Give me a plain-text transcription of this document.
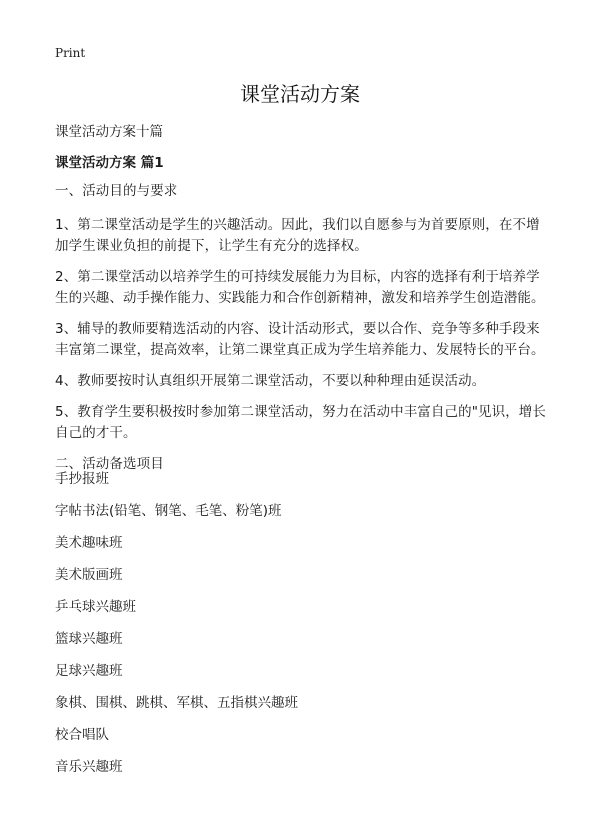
Print
课堂活动方案
课堂活动方案十篇
课堂活动方案 篇1

一、活动目的与要求

1、第二课堂活动是学生的兴趣活动。因此，我们以自愿参与为首要原则，在不增加学生课业负担的前提下，让学生有充分的选择权。

2、第二课堂活动以培养学生的可持续发展能力为目标，内容的选择有利于培养学生的兴趣、动手操作能力、实践能力和合作创新精神，激发和培养学生创造潜能。

3、辅导的教师要精选活动的内容、设计活动形式，要以合作、竞争等多种手段来丰富第二课堂，提高效率，让第二课堂真正成为学生培养能力、发展特长的平台。

4、教师要按时认真组织开展第二课堂活动，不要以种种理由延误活动。

5、教育学生要积极按时参加第二课堂活动，努力在活动中丰富自己的"见识，增长自己的才干。

二、活动备选项目

手抄报班

字帖书法(铅笔、钢笔、毛笔、粉笔)班

美术趣味班

美术版画班

乒乓球兴趣班

篮球兴趣班

足球兴趣班

象棋、围棋、跳棋、军棋、五指棋兴趣班

校合唱队

音乐兴趣班
